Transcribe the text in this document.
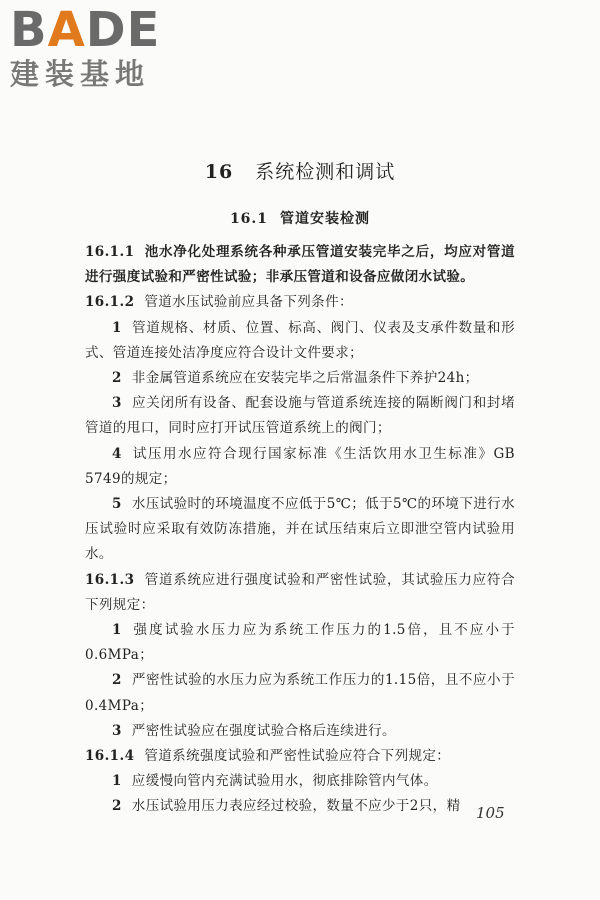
BADE
建装基地
16 系统检测和调试
16.1 管道安装检测

16.1.1 池水净化处理系统各种承压管道安装完毕之后，均应对管道进行强度试验和严密性试验；非承压管道和设备应做闭水试验。

16.1.2 管道水压试验前应具备下列条件：

1 管道规格、材质、位置、标高、阀门、仪表及支承件数量和形式、管道连接处洁净度应符合设计文件要求；

2 非金属管道系统应在安装完毕之后常温条件下养护24h；

3 应关闭所有设备、配套设施与管道系统连接的隔断阀门和封堵管道的甩口，同时应打开试压管道系统上的阀门；

4 试压用水应符合现行国家标准《生活饮用水卫生标准》GB 5749的规定；

5 水压试验时的环境温度不应低于5℃；低于5℃的环境下进行水压试验时应采取有效防冻措施，并在试压结束后立即泄空管内试验用水。

16.1.3 管道系统应进行强度试验和严密性试验，其试验压力应符合下列规定：

1 强度试验水压力应为系统工作压力的1.5倍，且不应小于0.6MPa；

2 严密性试验的水压力应为系统工作压力的1.15倍，且不应小于0.4MPa；

3 严密性试验应在强度试验合格后连续进行。

16.1.4 管道系统强度试验和严密性试验应符合下列规定：

1 应缓慢向管内充满试验用水，彻底排除管内气体。

2 水压试验用压力表应经过校验，数量不应少于2只，精	105
